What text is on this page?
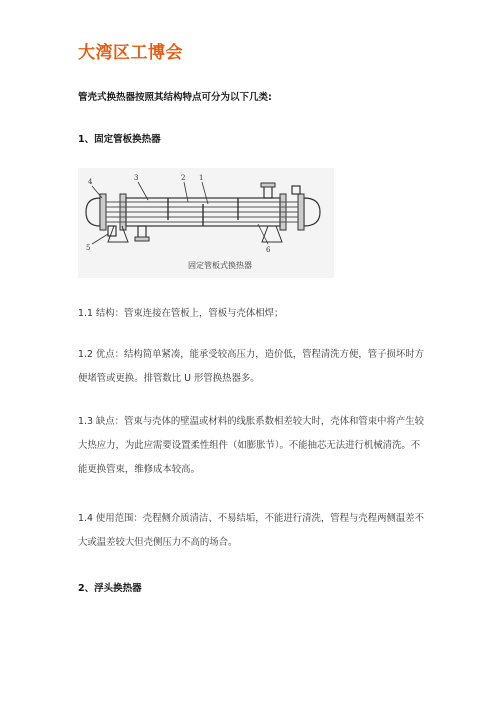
大湾区工博会
管壳式换热器按照其结构特点可分为以下几类:
1、固定管板换热器
4	3	2 1
5	6
固定管板式换热器
1.1 结构：管束连接在管板上，管板与壳体相焊；
1.2 优点：结构简单紧凑，能承受较高压力，造价低，管程清洗方便，管子损坏时方便堵管或更换。排管数比 U 形管换热器多。
1.3 缺点：管束与壳体的壁温或材料的线胀系数相差较大时，壳体和管束中将产生较大热应力，为此应需要设置柔性组件（如膨胀节）。不能抽芯无法进行机械清洗。不能更换管束，维修成本较高。
1.4 使用范围：壳程侧介质清洁、不易结垢，不能进行清洗，管程与壳程两侧温差不大或温差较大但壳侧压力不高的场合。
2、浮头换热器
